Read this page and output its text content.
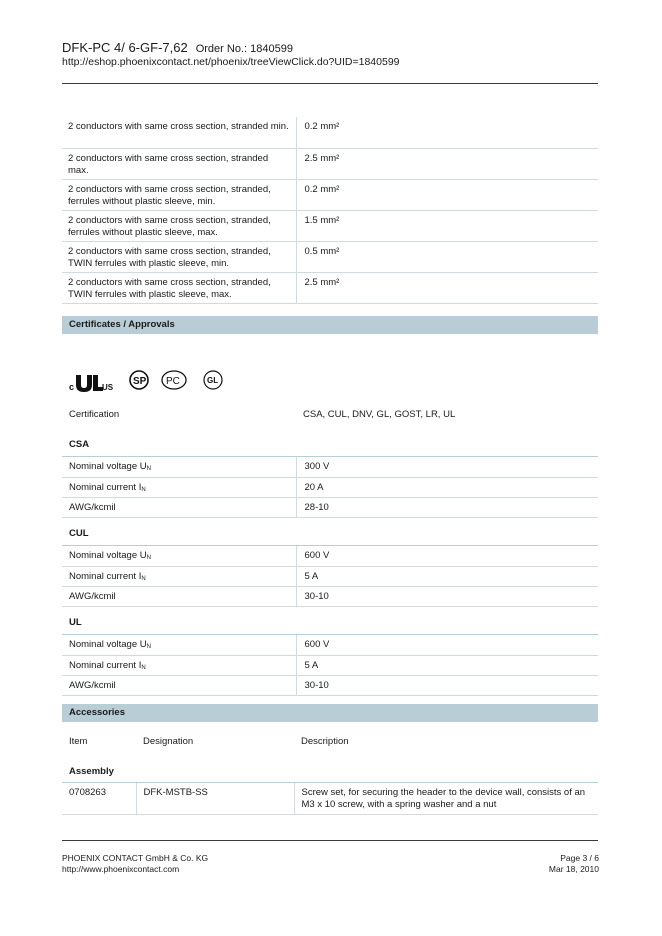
DFK-PC 4/ 6-GF-7,62 Order No.: 1840599
http://eshop.phoenixcontact.net/phoenix/treeViewClick.do?UID=1840599
2 conductors with same cross section, stranded min.	0.2 mm²
2 conductors with same cross section, stranded max.	2.5 mm²
2 conductors with same cross section, stranded, ferrules without plastic sleeve, min.	0.2 mm²
2 conductors with same cross section, stranded, ferrules without plastic sleeve, max.	1.5 mm²
2 conductors with same cross section, stranded, TWIN ferrules with plastic sleeve, min.	0.5 mm²
2 conductors with same cross section, stranded, TWIN ferrules with plastic sleeve, max.	2.5 mm²
Certificates / Approvals
c	US
SP PC	GL
Certification	CSA, CUL, DNV, GL, GOST, LR, UL
CSA
Nominal voltage $U_N$	300 V
Nominal current $I_N$	20 A
AWG/kcmil	28-10
CUL
Nominal voltage $U_N$	600 V
Nominal current $I_N$	5 A
AWG/kcmil	30-10
UL
Nominal voltage $U_N$	600 V
Nominal current $I_N$	5 A
AWG/kcmil	30-10
Accessories
Item	Designation	Description
Assembly
0708263	DFK-MSTB-SS	Screw set, for securing the header to the device wall, consists of an M3 x 10 screw, with a spring washer and a nut
PHOENIX CONTACT GmbH & Co. KG
http://www.phoenixcontact.com
Page 3 / 6
Mar 18, 2010
